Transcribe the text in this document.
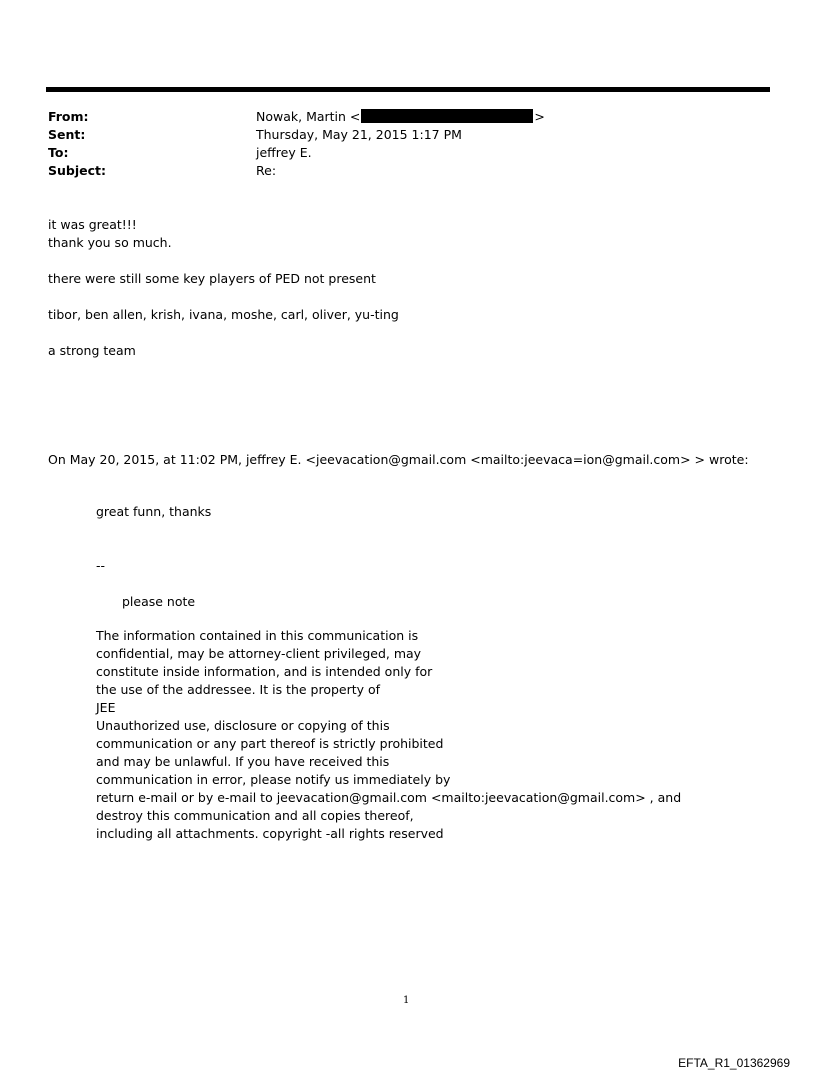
From:	Nowak, Martin <	>
Sent:	Thursday, May 21, 2015 1:17 PM
To:	jeffrey E.
Subject:	Re:
it was great!!!
thank you so much.
there were still some key players of PED not present
tibor, ben allen, krish, ivana, moshe, carl, oliver, yu-ting
a strong team
On May 20, 2015, at 11:02 PM, jeffrey E. <jeevacation@gmail.com <mailto:jeevaca=ion@gmail.com> > wrote:
great funn, thanks
--
please note
The information contained in this communication is
confidential, may be attorney-client privileged, may
constitute inside information, and is intended only for
the use of the addressee. It is the property of
JEE
Unauthorized use, disclosure or copying of this
communication or any part thereof is strictly prohibited
and may be unlawful. If you have received this
communication in error, please notify us immediately by
return e-mail or by e-mail to jeevacation@gmail.com <mailto:jeevacation@gmail.com> , and
destroy this communication and all copies thereof,
including all attachments. copyright -all rights reserved
1
EFTA_R1_01362969
